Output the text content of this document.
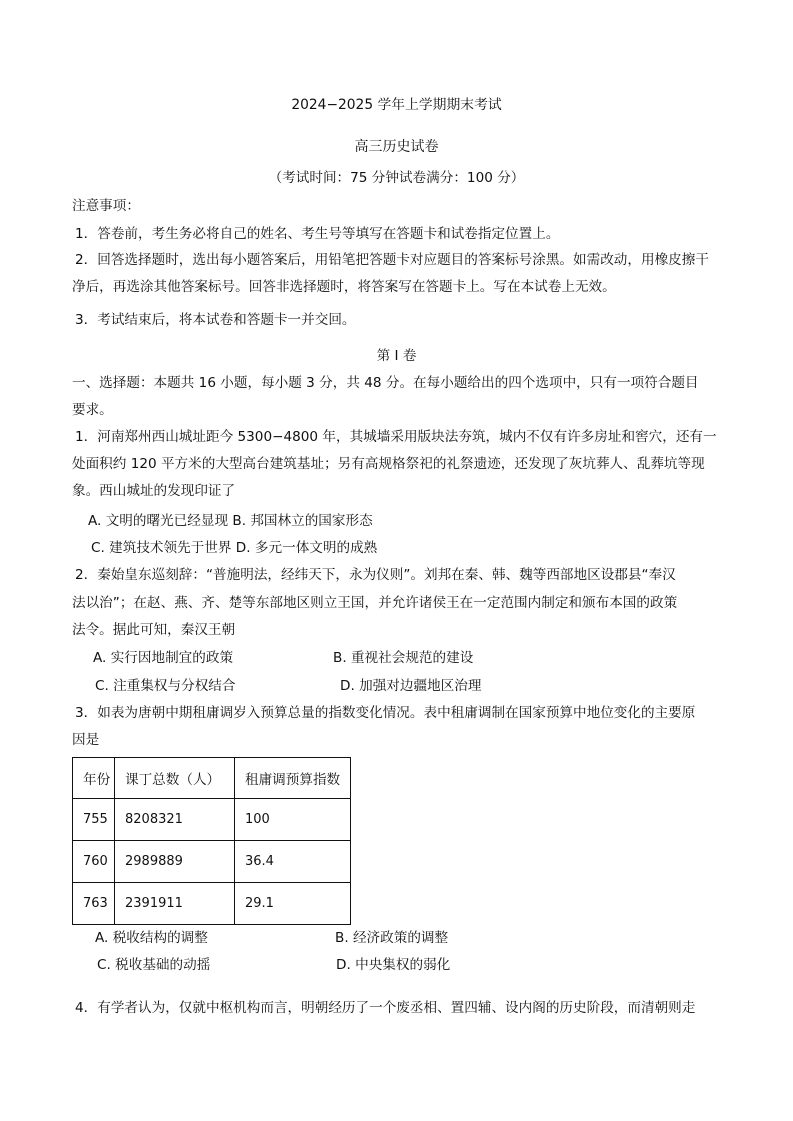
2024−2025 学年上学期期末考试
高三历史试卷
（考试时间：75 分钟试卷满分：100 分）
注意事项：
1．答卷前，考生务必将自己的姓名、考生号等填写在答题卡和试卷指定位置上。
2．回答选择题时，选出每小题答案后，用铅笔把答题卡对应题目的答案标号涂黑。如需改动，用橡皮擦干
净后，再选涂其他答案标号。回答非选择题时，将答案写在答题卡上。写在本试卷上无效。
3．考试结束后，将本试卷和答题卡一并交回。
第 I 卷
一、选择题：本题共 16 小题，每小题 3 分，共 48 分。在每小题给出的四个选项中，只有一项符合题目
要求。
1．河南郑州西山城址距今 5300−4800 年，其城墙采用版块法夯筑，城内不仅有许多房址和窖穴，还有一
处面积约 120 平方米的大型高台建筑基址；另有高规格祭祀的礼祭遗迹，还发现了灰坑葬人、乱葬坑等现
象。西山城址的发现印证了
A. 文明的曙光已经显现 B. 邦国林立的国家形态
C. 建筑技术领先于世界 D. 多元一体文明的成熟
2．秦始皇东巡刻辞：“普施明法，经纬天下，永为仪则”。刘邦在秦、韩、魏等西部地区设郡县“奉汉
法以治”；在赵、燕、齐、楚等东部地区则立王国，并允许诸侯王在一定范围内制定和颁布本国的政策
法令。据此可知，秦汉王朝
A. 实行因地制宜的政策	B. 重视社会规范的建设
C. 注重集权与分权结合	D. 加强对边疆地区治理
3．如表为唐朝中期租庸调岁入预算总量的指数变化情况。表中租庸调制在国家预算中地位变化的主要原
因是
年份	课丁总数（人）	租庸调预算指数
755	8208321	100
760	2989889	36.4
763	2391911	29.1
A. 税收结构的调整	B. 经济政策的调整
C. 税收基础的动摇	D. 中央集权的弱化
4．有学者认为，仅就中枢机构而言，明朝经历了一个废丞相、置四辅、设内阁的历史阶段，而清朝则走
